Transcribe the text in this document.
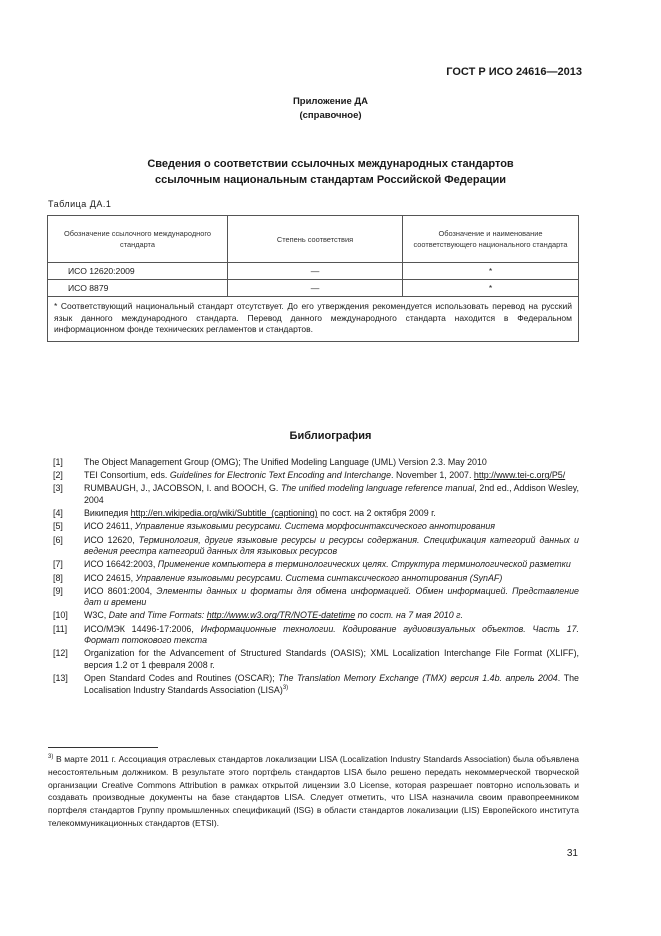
ГОСТ Р ИСО 24616—2013
Приложение ДА
(справочное)
Сведения о соответствии ссылочных международных стандартов
ссылочным национальным стандартам Российской Федерации
Таблица ДА.1
Обозначение ссылочного международного стандарта	Степень соответствия	Обозначение и наименование соответствующего национального стандарта
ИСО 12620:2009	—	*
ИСО 8879	—	*
* Соответствующий национальный стандарт отсутствует. До его утверждения рекомендуется использовать перевод на русский язык данного международного стандарта. Перевод данного международного стандарта находится в Федеральном информационном фонде технических регламентов и стандартов.		
Библиография
[1]	The Object Management Group (OMG); The Unified Modeling Language (UML) Version 2.3. May 2010
[2]	TEI Consortium, eds. Guidelines for Electronic Text Encoding and Interchange. November 1, 2007. http://www.tei-c.org/P5/
[3]	RUMBAUGH, J., JACOBSON, I. and BOOCH, G. The unified modeling language reference manual, 2nd ed., Addison Wesley, 2004
[4]	Википедия http://en.wikipedia.org/wiki/Subtitle_(captioning) по сост. на 2 октября 2009 г.
[5]	ИСО 24611, Управление языковыми ресурсами. Система морфосинтаксического аннотирования
[6]	ИСО 12620, Терминология, другие языковые ресурсы и ресурсы содержания. Спецификация категорий данных и ведения реестра категорий данных для языковых ресурсов
[7]	ИСО 16642:2003, Применение компьютера в терминологических целях. Структура терминологической разметки
[8]	ИСО 24615, Управление языковыми ресурсами. Система синтаксического аннотирования (SynAF)
[9]	ИСО 8601:2004, Элементы данных и форматы для обмена информацией. Обмен информацией. Представление дат и времени
[10]	W3C, Date and Time Formats: http://www.w3.org/TR/NOTE-datetime по сост. на 7 мая 2010 г.
[11]	ИСО/МЭК 14496-17:2006, Информационные технологии. Кодирование аудиовизуальных объектов. Часть 17. Формат потокового текста
[12]	Organization for the Advancement of Structured Standards (OASIS); XML Localization Interchange File Format (XLIFF), версия 1.2 от 1 февраля 2008 г.
[13]	Open Standard Codes and Routines (OSCAR); The Translation Memory Exchange (TMX) версия 1.4b. апрель 2004. The Localisation Industry Standards Association (LISA)$^{3)}$
$^{3)}$ В марте 2011 г. Ассоциация отраслевых стандартов локализации LISA (Localization Industry Standards Association) была объявлена несостоятельным должником. В результате этого портфель стандартов LISA было решено передать некоммерческой творческой организации Creative Commons Attribution в рамках открытой лицензии 3.0 License, которая разрешает повторно использовать и создавать производные документы на базе стандартов LISA. Следует отметить, что LISA назначила своим правопреемником портфеля стандартов Группу промышленных спецификаций (ISG) в области стандартов локализации (LIS) Европейского института телекоммуникационных стандартов (ETSI).
31
